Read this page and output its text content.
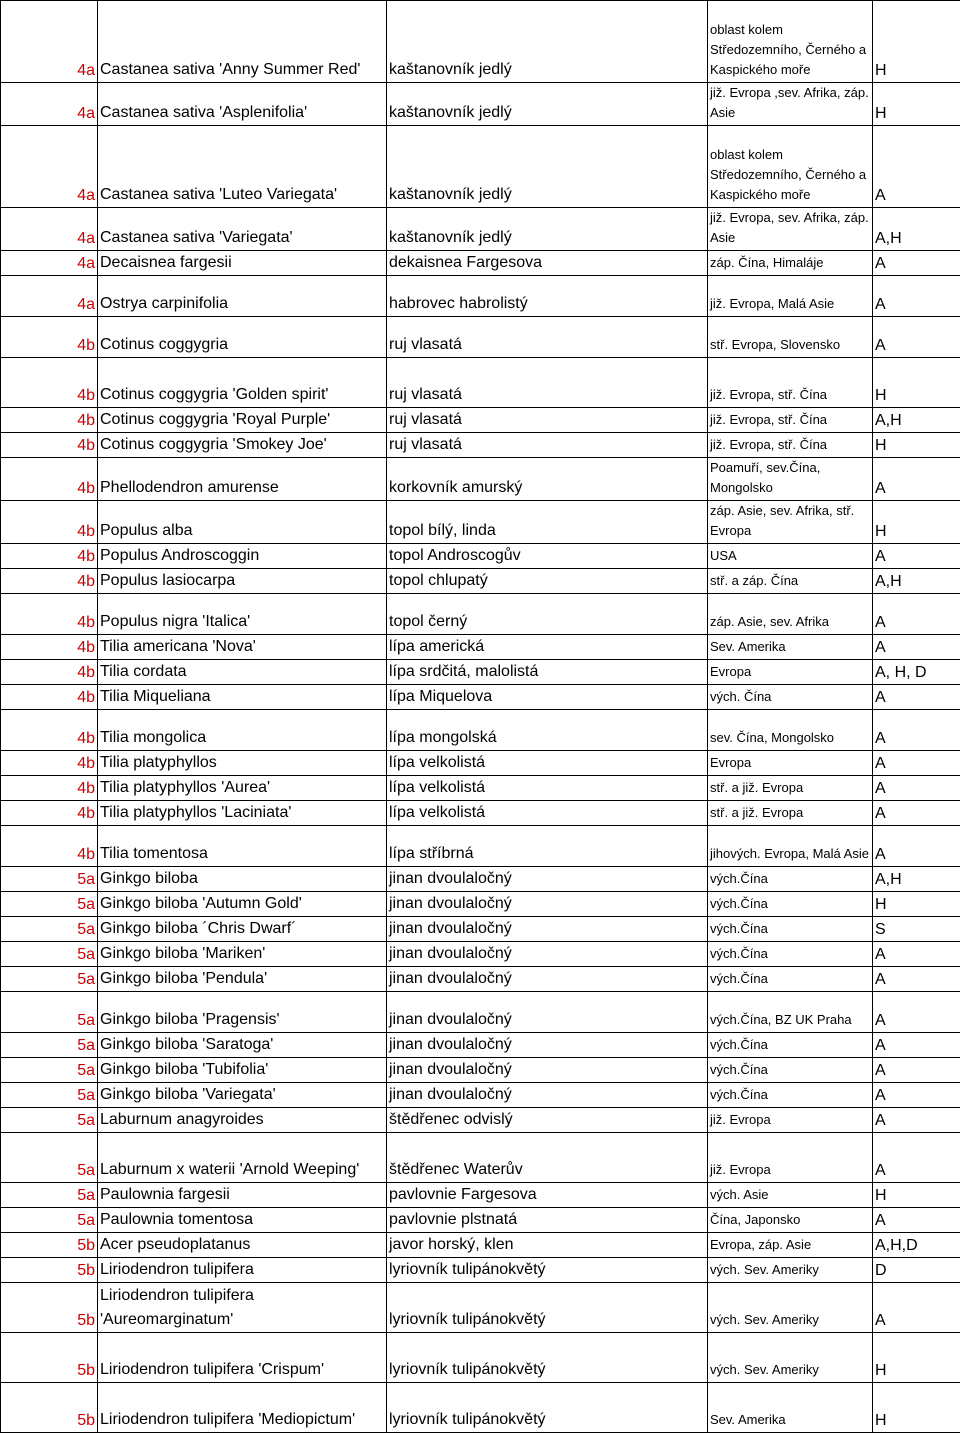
4a	Castanea sativa 'Anny Summer Red'	kaštanovník jedlý	oblast kolem Středozemního, Černého a Kaspického moře	H
4a	Castanea sativa 'Asplenifolia'	kaštanovník jedlý	již. Evropa ,sev. Afrika, záp. Asie	H
4a	Castanea sativa 'Luteo Variegata'	kaštanovník jedlý	oblast kolem Středozemního, Černého a Kaspického moře	A
4a	Castanea sativa 'Variegata'	kaštanovník jedlý	již. Evropa, sev. Afrika, záp. Asie	A,H
4a	Decaisnea fargesii	dekaisnea Fargesova	záp. Čína, Himaláje	A
4a	Ostrya carpinifolia	habrovec habrolistý	již. Evropa, Malá Asie	A
4b	Cotinus coggygria	ruj vlasatá	stř. Evropa, Slovensko	A
4b	Cotinus coggygria 'Golden spirit'	ruj vlasatá	již. Evropa, stř. Čína	H
4b	Cotinus coggygria 'Royal Purple'	ruj vlasatá	již. Evropa, stř. Čína	A,H
4b	Cotinus coggygria 'Smokey Joe'	ruj vlasatá	již. Evropa, stř. Čína	H
4b	Phellodendron amurense	korkovník amurský	Poamuří, sev.Čína, Mongolsko	A
4b	Populus alba	topol bílý, linda	záp. Asie, sev. Afrika, stř. Evropa	H
4b	Populus Androscoggin	topol Androscogův	USA	A
4b	Populus lasiocarpa	topol chlupatý	stř. a záp. Čína	A,H
4b	Populus nigra 'Italica'	topol černý	záp. Asie, sev. Afrika	A
4b	Tilia americana 'Nova'	lípa americká	Sev. Amerika	A
4b	Tilia cordata	lípa srdčitá, malolistá	Evropa	A, H, D
4b	Tilia Miqueliana	lípa Miquelova	vých. Čína	A
4b	Tilia mongolica	lípa mongolská	sev. Čína, Mongolsko	A
4b	Tilia platyphyllos	lípa velkolistá	Evropa	A
4b	Tilia platyphyllos 'Aurea'	lípa velkolistá	stř. a již. Evropa	A
4b	Tilia platyphyllos 'Laciniata'	lípa velkolistá	stř. a již. Evropa	A
4b	Tilia tomentosa	lípa stříbrná	jihových. Evropa, Malá Asie	A
5a	Ginkgo biloba	jinan dvoulaločný	vých.Čína	A,H
5a	Ginkgo biloba 'Autumn Gold'	jinan dvoulaločný	vých.Čína	H
5a	Ginkgo biloba ´Chris Dwarf´	jinan dvoulaločný	vých.Čína	S
5a	Ginkgo biloba 'Mariken'	jinan dvoulaločný	vých.Čína	A
5a	Ginkgo biloba 'Pendula'	jinan dvoulaločný	vých.Čína	A
5a	Ginkgo biloba 'Pragensis'	jinan dvoulaločný	vých.Čína, BZ UK Praha	A
5a	Ginkgo biloba 'Saratoga'	jinan dvoulaločný	vých.Čína	A
5a	Ginkgo biloba 'Tubifolia'	jinan dvoulaločný	vých.Čína	A
5a	Ginkgo biloba 'Variegata'	jinan dvoulaločný	vých.Čína	A
5a	Laburnum anagyroides	štědřenec odvislý	již. Evropa	A
5a	Laburnum x waterii 'Arnold Weeping'	štědřenec Waterův	již. Evropa	A
5a	Paulownia fargesii	pavlovnie Fargesova	vých. Asie	H
5a	Paulownia tomentosa	pavlovnie plstnatá	Čína, Japonsko	A
5b	Acer pseudoplatanus	javor horský, klen	Evropa, záp. Asie	A,H,D
5b	Liriodendron tulipifera	lyriovník tulipánokvětý	vých. Sev. Ameriky	D
5b	Liriodendron tulipifera 'Aureomarginatum'	lyriovník tulipánokvětý	vých. Sev. Ameriky	A
5b	Liriodendron tulipifera 'Crispum'	lyriovník tulipánokvětý	vých. Sev. Ameriky	H
5b	Liriodendron tulipifera 'Mediopictum'	lyriovník tulipánokvětý	Sev. Amerika	H
